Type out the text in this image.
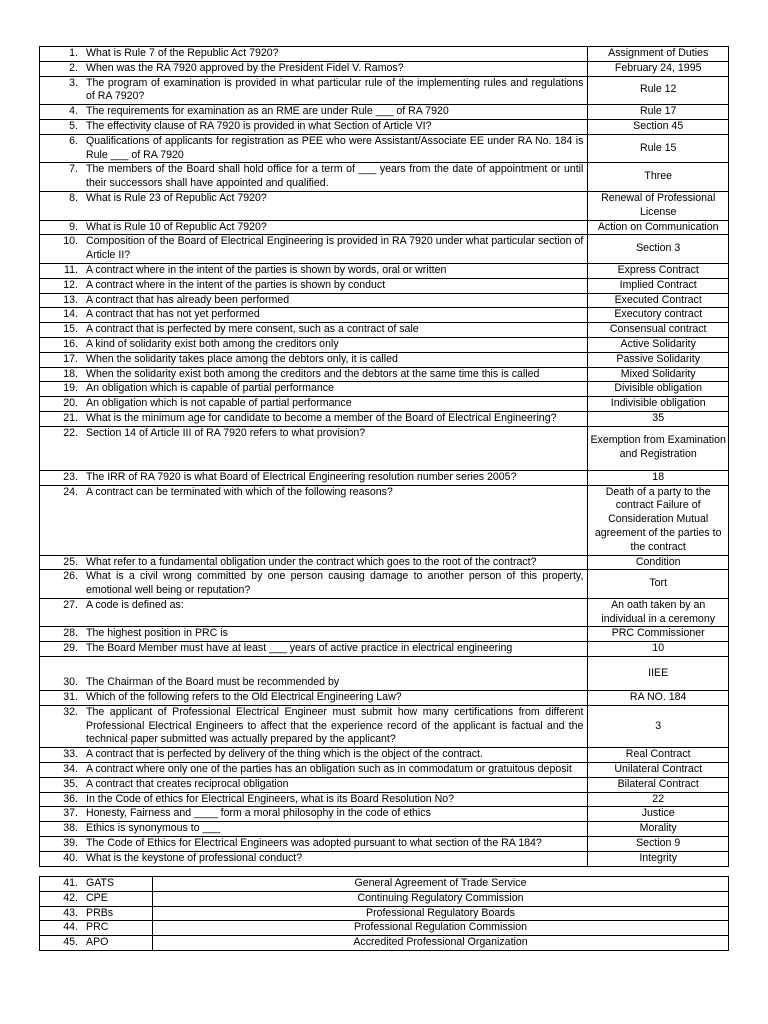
1. What is Rule 7 of the Republic Act 7920?	Assignment of Duties

2. When was the RA 7920 approved by the President Fidel V. Ramos?	February 24, 1995

3. The program of examination is provided in what particular rule of the implementing rules and regulations of RA 7920?	Rule 12

4. The requirements for examination as an RME are under Rule ___ of RA 7920	Rule 17

5. The effectivity clause of RA 7920 is provided in what Section of Article VI?	Section 45

6. Qualifications of applicants for registration as PEE who were Assistant/Associate EE under RA No. 184 is Rule ___ of RA 7920	Rule 15

7. The members of the Board shall hold office for a term of ___ years from the date of appointment or until their successors shall have appointed and qualified.	Three

8. What is Rule 23 of Republic Act 7920?	Renewal of Professional License

9. What is Rule 10 of Republic Act 7920?	Action on Communication

10. Composition of the Board of Electrical Engineering is provided in RA 7920 under what particular section of Article II?	Section 3

11. A contract where in the intent of the parties is shown by words, oral or written	Express Contract

12. A contract where in the intent of the parties is shown by conduct	Implied Contract

13. A contract that has already been performed	Executed Contract

14. A contract that has not yet performed	Executory contract

15. A contract that is perfected by mere consent, such as a contract of sale	Consensual contract

16. A kind of solidarity exist both among the creditors only	Active Solidarity

17. When the solidarity takes place among the debtors only, it is called	Passive Solidarity

18. When the solidarity exist both among the creditors and the debtors at the same time this is called	Mixed Solidarity

19. An obligation which is capable of partial performance	Divisible obligation

20. An obligation which is not capable of partial performance	Indivisible obligation

21. What is the minimum age for candidate to become a member of the Board of Electrical Engineering?	35

22. Section 14 of Article III of RA 7920 refers to what provision?	Exemption from Examination and Registration

23. The IRR of RA 7920 is what Board of Electrical Engineering resolution number series 2005?	18

24. A contract can be terminated with which of the following reasons?	Death of a party to the contract Failure of Consideration Mutual agreement of the parties to the contract

25. What refer to a fundamental obligation under the contract which goes to the root of the contract?	Condition

26. What is a civil wrong committed by one person causing damage to another person of this property, emotional well being or reputation?	Tort

27. A code is defined as:	An oath taken by an individual in a ceremony

28. The highest position in PRC is	PRC Commissioner

29. The Board Member must have at least ___ years of active practice in electrical engineering	10

30. The Chairman of the Board must be recommended by	IIEE

31. Which of the following refers to the Old Electrical Engineering Law?	RA NO. 184

32. The applicant of Professional Electrical Engineer must submit how many certifications from different Professional Electrical Engineers to affect that the experience record of the applicant is factual and the technical paper submitted was actually prepared by the applicant?	3

33. A contract that is perfected by delivery of the thing which is the object of the contract.	Real Contract

34. A contract where only one of the parties has an obligation such as in commodatum or gratuitous deposit	Unilateral Contract

35. A contract that creates reciprocal obligation	Bilateral Contract

36. In the Code of ethics for Electrical Engineers, what is its Board Resolution No?	22

37. Honesty, Fairness and ____ form a moral philosophy in the code of ethics	Justice

38. Ethics is synonymous to ___	Morality

39. The Code of Ethics for Electrical Engineers was adopted pursuant to what section of the RA 184?	Section 9

40. What is the keystone of professional conduct?	Integrity
41. GATS	General Agreement of Trade Service
42. CPE	Continuing Regulatory Commission
43. PRBs	Professional Regulatory Boards
44. PRC	Professional Regulation Commission
45. APO	Accredited Professional Organization
